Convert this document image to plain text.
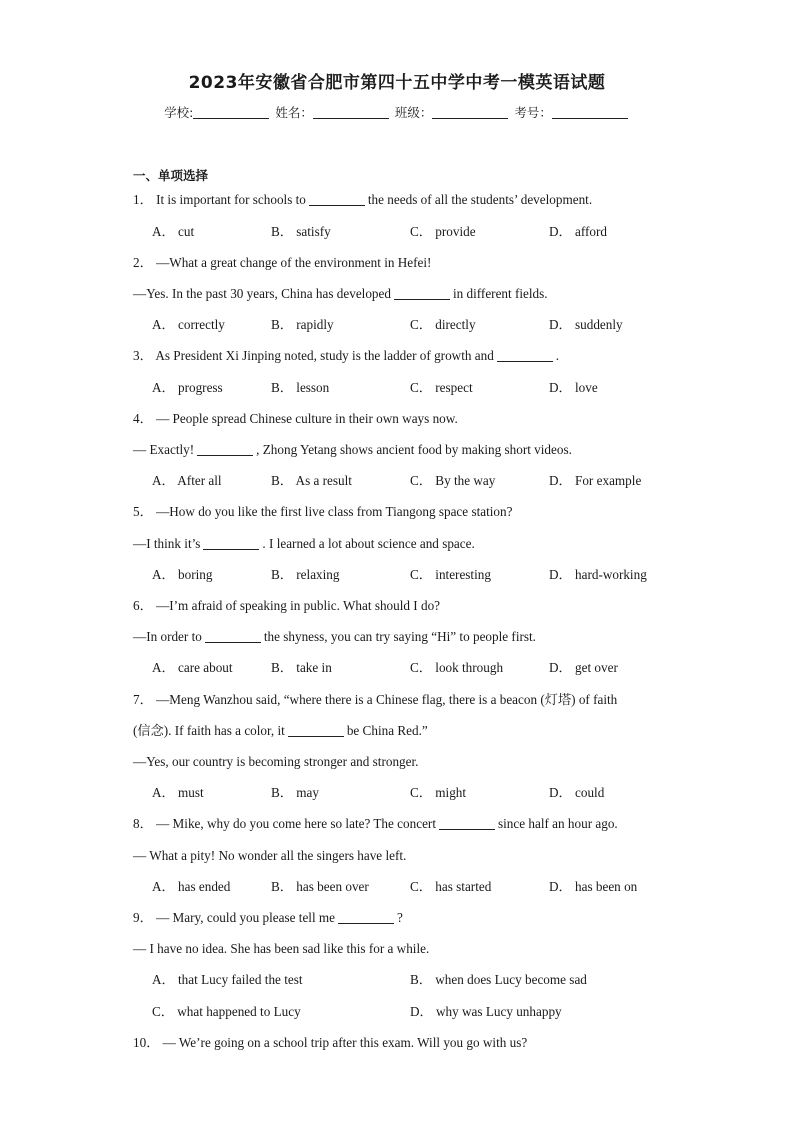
2023年安徽省合肥市第四十五中学中考一模英语试题
学校:	姓名：	班级：	考号：
一、单项选择
1． It is important for schools to	the needs of all the students’ development.
A． cut	B． satisfy	C． provide	D． afford
2． —What a great change of the environment in Hefei!
—Yes. In the past 30 years, China has developed	in different fields.
A． correctly	B． rapidly	C． directly	D． suddenly
3． As President Xi Jinping noted, study is the ladder of growth and	.
A． progress	B． lesson	C． respect	D． love
4． — People spread Chinese culture in their own ways now.
— Exactly!	, Zhong Yetang shows ancient food by making short videos.
A． After all	B． As a result	C． By the way	D． For example
5． —How do you like the first live class from Tiangong space station?
—I think it’s	. I learned a lot about science and space.
A． boring	B． relaxing	C． interesting	D． hard-working
6． —I’m afraid of speaking in public. What should I do?
—In order to	the shyness, you can try saying “Hi” to people first.
A． care about	B． take in	C． look through	D． get over
7． —Meng Wanzhou said, “where there is a Chinese flag, there is a beacon (灯塔) of faith
(信念). If faith has a color, it	be China Red.”
—Yes, our country is becoming stronger and stronger.
A． must	B． may	C． might	D． could
8． — Mike, why do you come here so late? The concert	since half an hour ago.
— What a pity! No wonder all the singers have left.
A． has ended	B． has been over	C． has started	D． has been on
9． — Mary, could you please tell me	?
— I have no idea. She has been sad like this for a while.
A． that Lucy failed the test	B． when does Lucy become sad
C． what happened to Lucy	D． why was Lucy unhappy
10． — We’re going on a school trip after this exam. Will you go with us?
